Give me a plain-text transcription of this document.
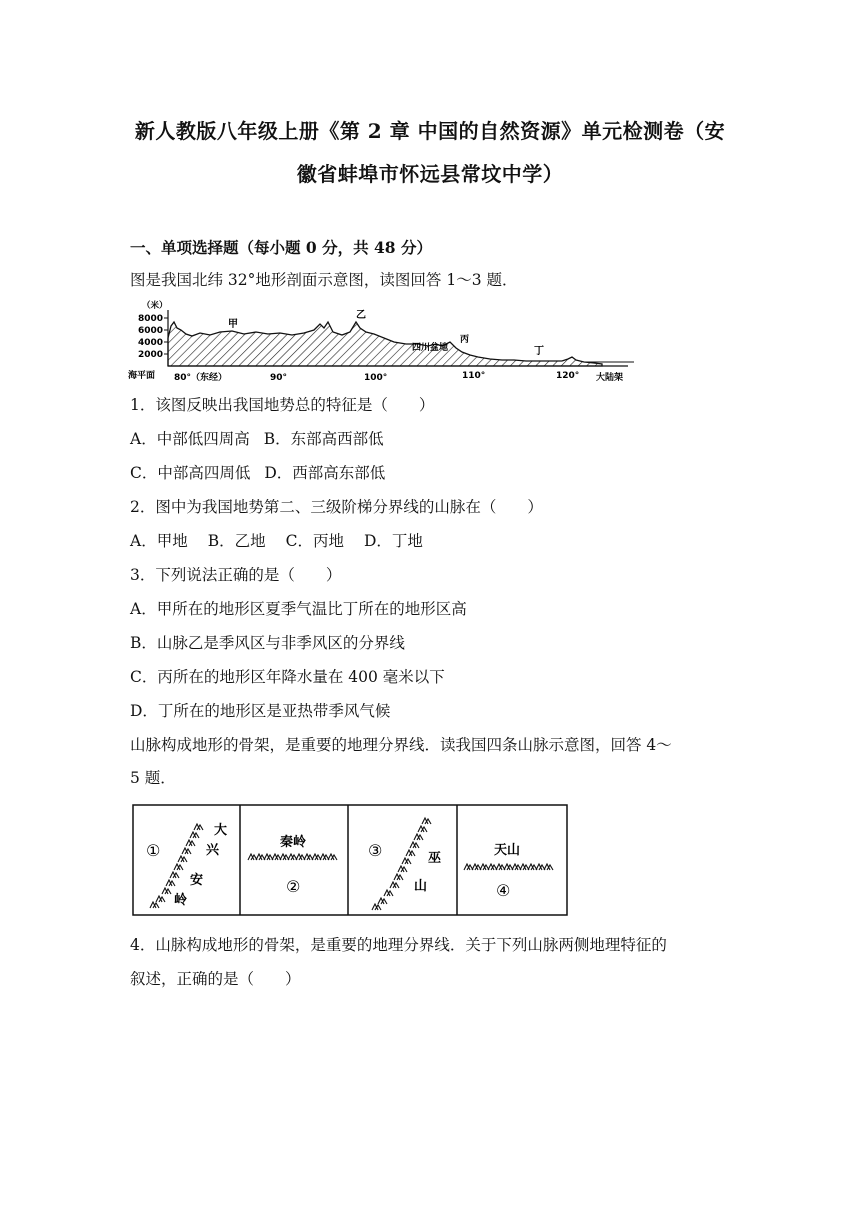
新人教版八年级上册《第 2 章 中国的自然资源》单元检测卷（安
徽省蚌埠市怀远县常坟中学）
一、单项选择题（每小题 0 分，共 48 分）
图是我国北纬 32°地形剖面示意图，读图回答 1～3 题．
（米）
8000
6000
4000
2000
甲
乙
四川盆地
丙
丁
海平面 80°（东经）	90°	100°	110°	120° 大陆架
1．该图反映出我国地势总的特征是（　　）
A．中部低四周高 B．东部高西部低
C．中部高四周低 D．西部高东部低
2．图中为我国地势第二、三级阶梯分界线的山脉在（　　）
A．甲地 B．乙地 C．丙地 D．丁地
3．下列说法正确的是（　　）
A．甲所在的地形区夏季气温比丁所在的地形区高
B．山脉乙是季风区与非季风区的分界线
C．丙所在的地形区年降水量在 400 毫米以下
D．丁所在的地形区是亚热带季风气候
山脉构成地形的骨架，是重要的地理分界线．读我国四条山脉示意图，回答 4～
5 题．
①
大
兴
安
岭
秦岭
②
③	巫
山
天山
④
4．山脉构成地形的骨架，是重要的地理分界线．关于下列山脉两侧地理特征的
叙述，正确的是（　　）
